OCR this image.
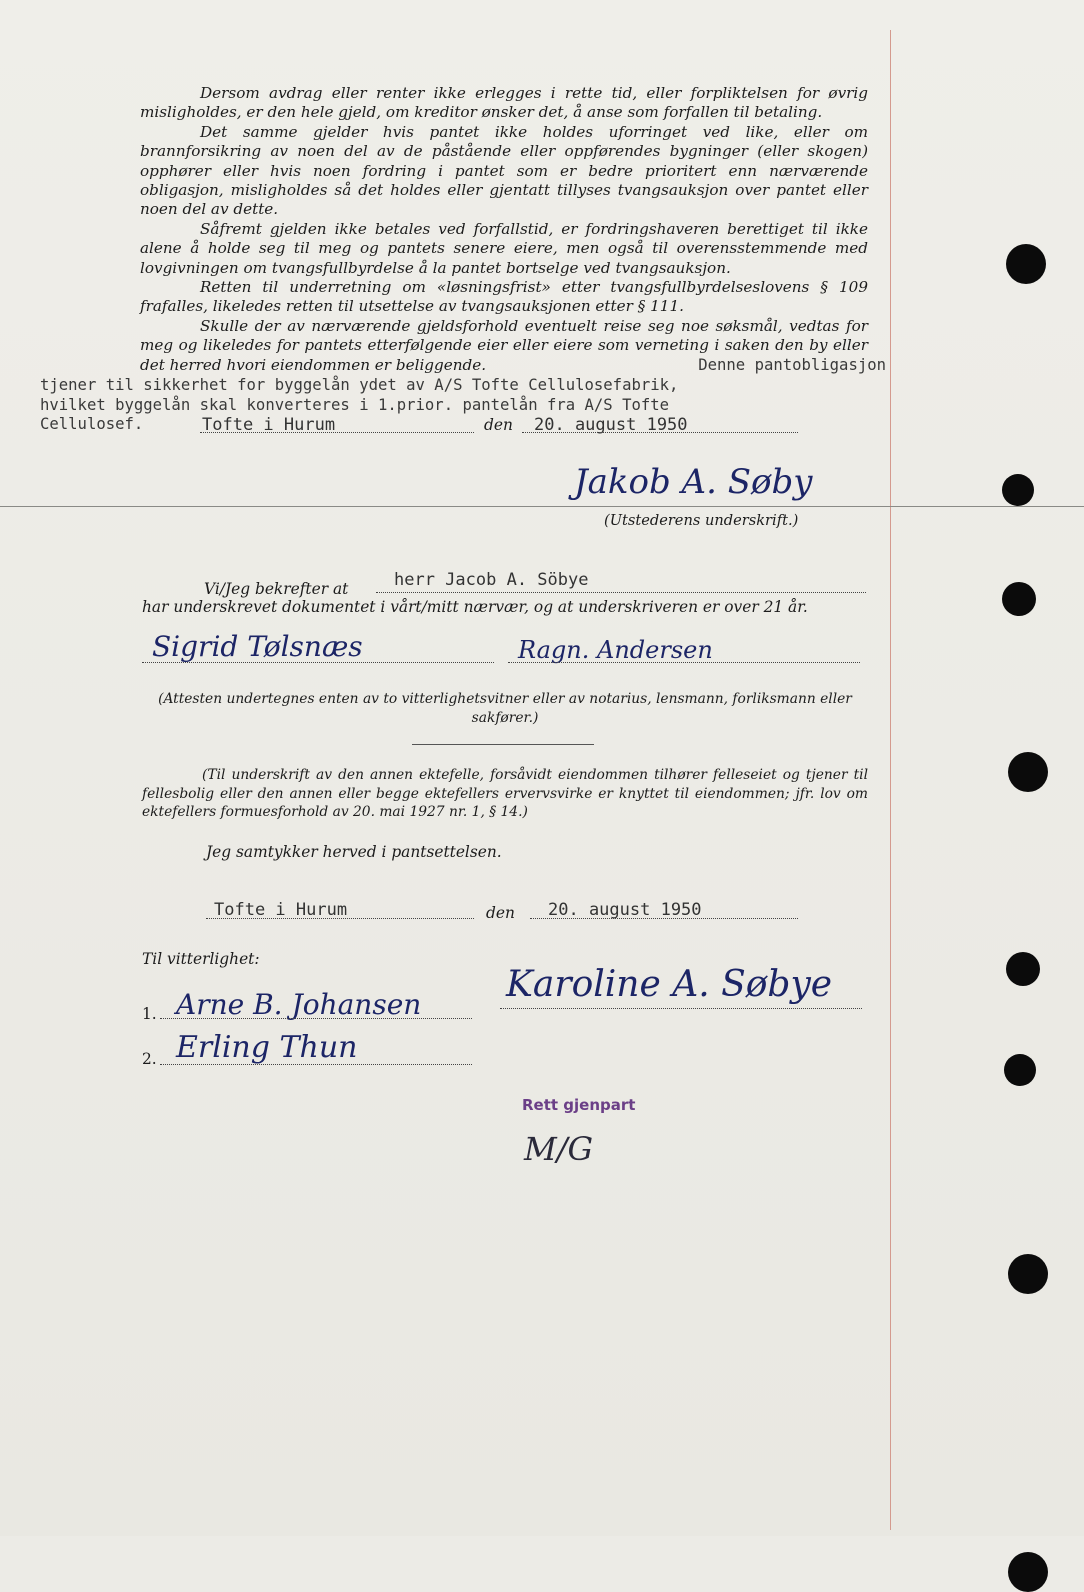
Dersom avdrag eller renter ikke erlegges i rette tid, eller forpliktelsen for øvrig misligholdes, er den hele gjeld, om kreditor ønsker det, å anse som forfallen til betaling.

Det samme gjelder hvis pantet ikke holdes uforringet ved like, eller om brannforsikring av noen del av de påstående eller oppførendes bygninger (eller skogen) opphører eller hvis noen fordring i pantet som er bedre prioritert enn nærværende obligasjon, misligholdes så det holdes eller gjentatt tillyses tvangsauksjon over pantet eller noen del av dette.

Såfremt gjelden ikke betales ved forfallstid, er fordringshaveren berettiget til ikke alene å holde seg til meg og pantets senere eiere, men også til overensstemmende med lovgivningen om tvangsfullbyrdelse å la pantet bortselge ved tvangsauksjon.

Retten til underretning om «løsningsfrist» etter tvangsfullbyrdelseslovens § 109 frafalles, likeledes retten til utsettelse av tvangsauksjonen etter § 111.

Skulle der av nærværende gjeldsforhold eventuelt reise seg noe søksmål, vedtas for meg og likeledes for pantets etterfølgende eier eller eiere som verneting i saken den by eller det herred hvori eiendommen er beliggende.	Denne pantobligasjon
tjener til sikkerhet for byggelån ydet av A/S Tofte Cellulosefabrik,
hvilket byggelån skal konverteres i 1.prior. pantelån fra A/S Tofte
Cellulosef.	Tofte i Hurum	den 20. august 1950
Jakob A. Søby
(Utstederens underskrift.)
Vi/Jeg bekrefter at	herr Jacob A. Söbye
har underskrevet dokumentet i vårt/mitt nærvær, og at underskriveren er over 21 år.
Sigrid Tølsnæs	Ragn. Andersen
(Attesten undertegnes enten av to vitterlighetsvitner eller av notarius, lensmann, forliksmann eller sakfører.)
(Til underskrift av den annen ektefelle, forsåvidt eiendommen tilhører felleseiet og tjener til fellesbolig eller den annen eller begge ektefellers ervervsvirke er knyttet til eiendommen; jfr. lov om ektefellers formuesforhold av 20. mai 1927 nr. 1, § 14.)
Jeg samtykker herved i pantsettelsen.
Tofte i Hurum	den 20. august 1950
Til vitterlighet:
1. Arne B. Johansen Karoline A. Søbye
2. Erling Thun
Rett gjenpart
M/G
